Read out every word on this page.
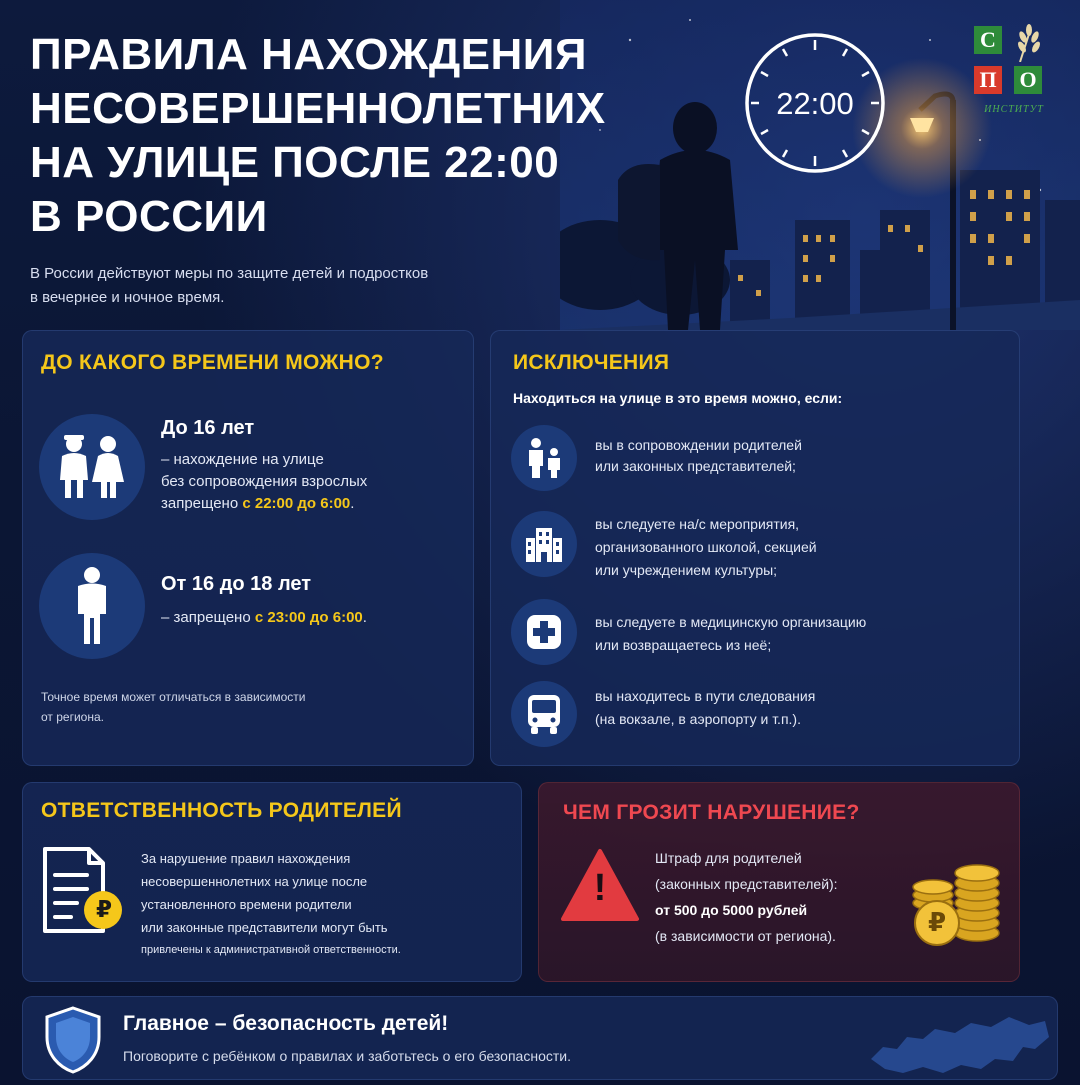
22:00
С
П О
ИНСТИТУТ
ПРАВИЛА НАХОЖДЕНИЯ
НЕСОВЕРШЕННОЛЕТНИХ
НА УЛИЦЕ ПОСЛЕ 22:00
В РОССИИ
В России действуют меры по защите детей и подростков
в вечернее и ночное время.
ДО КАКОГО ВРЕМЕНИ МОЖНО?
До 16 лет
– нахождение на улице
без сопровождения взрослых
запрещено с 22:00 до 6:00.
От 16 до 18 лет
– запрещено с 23:00 до 6:00.
Точное время может отличаться в зависимости
от региона.
ИСКЛЮЧЕНИЯ
Находиться на улице в это время можно, если:
вы в сопровождении родителей
или законных представителей;
вы следуете на/с мероприятия,
организованного школой, секцией
или учреждением культуры;
вы следуете в медицинскую организацию
или возвращаетесь из неё;
вы находитесь в пути следования
(на вокзале, в аэропорту и т.п.).
ОТВЕТСТВЕННОСТЬ РОДИТЕЛЕЙ
₽
За нарушение правил нахождения
несовершеннолетних на улице после
установленного времени родители
или законные представители могут быть
привлечены к административной ответственности.
ЧЕМ ГРОЗИТ НАРУШЕНИЕ?
!
Штраф для родителей
(законных представителей):
от 500 до 5000 рублей
(в зависимости от региона).	₽
Главное – безопасность детей!
Поговорите с ребёнком о правилах и заботьтесь о его безопасности.
